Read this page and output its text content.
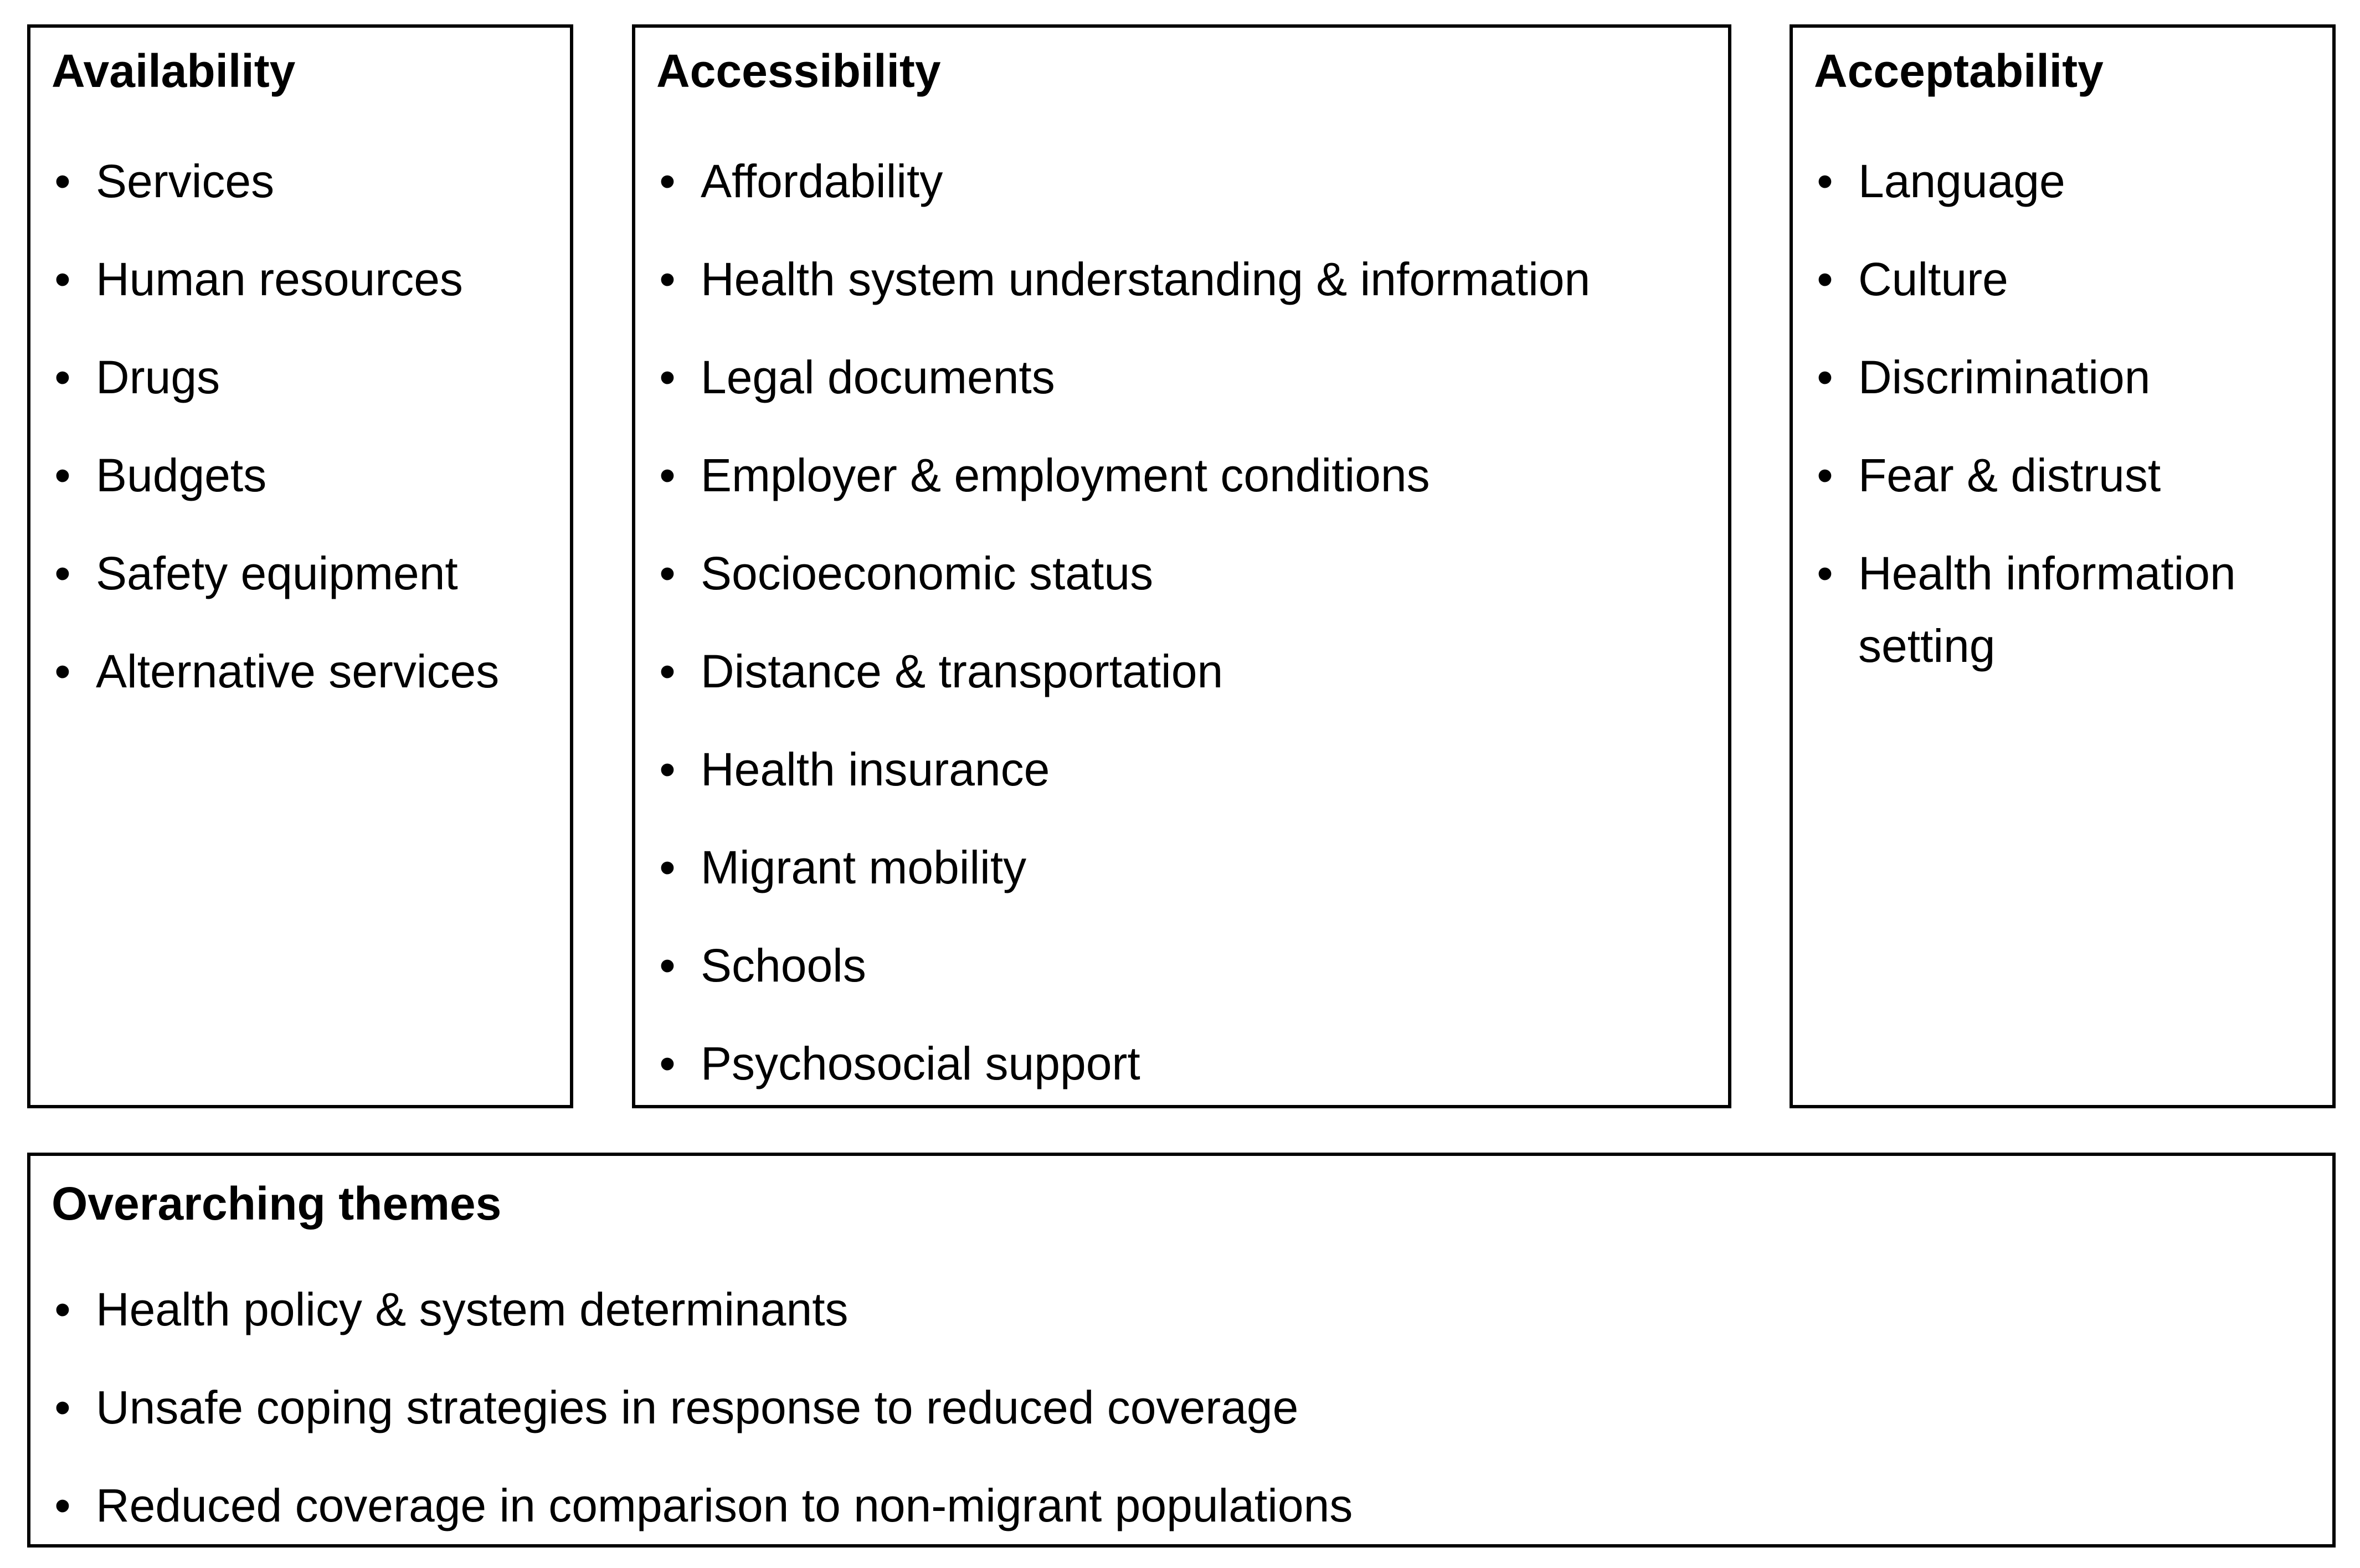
Availability
• Services
• Human resources
• Drugs
• Budgets
• Safety equipment
• Alternative services
Accessibility
• Affordability
• Health system understanding & information
• Legal documents
• Employer & employment conditions
• Socioeconomic status
• Distance & transportation
• Health insurance
• Migrant mobility
• Schools
• Psychosocial support
Acceptability
• Language
• Culture
• Discrimination
• Fear & distrust
• Health information setting
Overarching themes
• Health policy & system determinants
• Unsafe coping strategies in response to reduced coverage
• Reduced coverage in comparison to non-migrant populations
